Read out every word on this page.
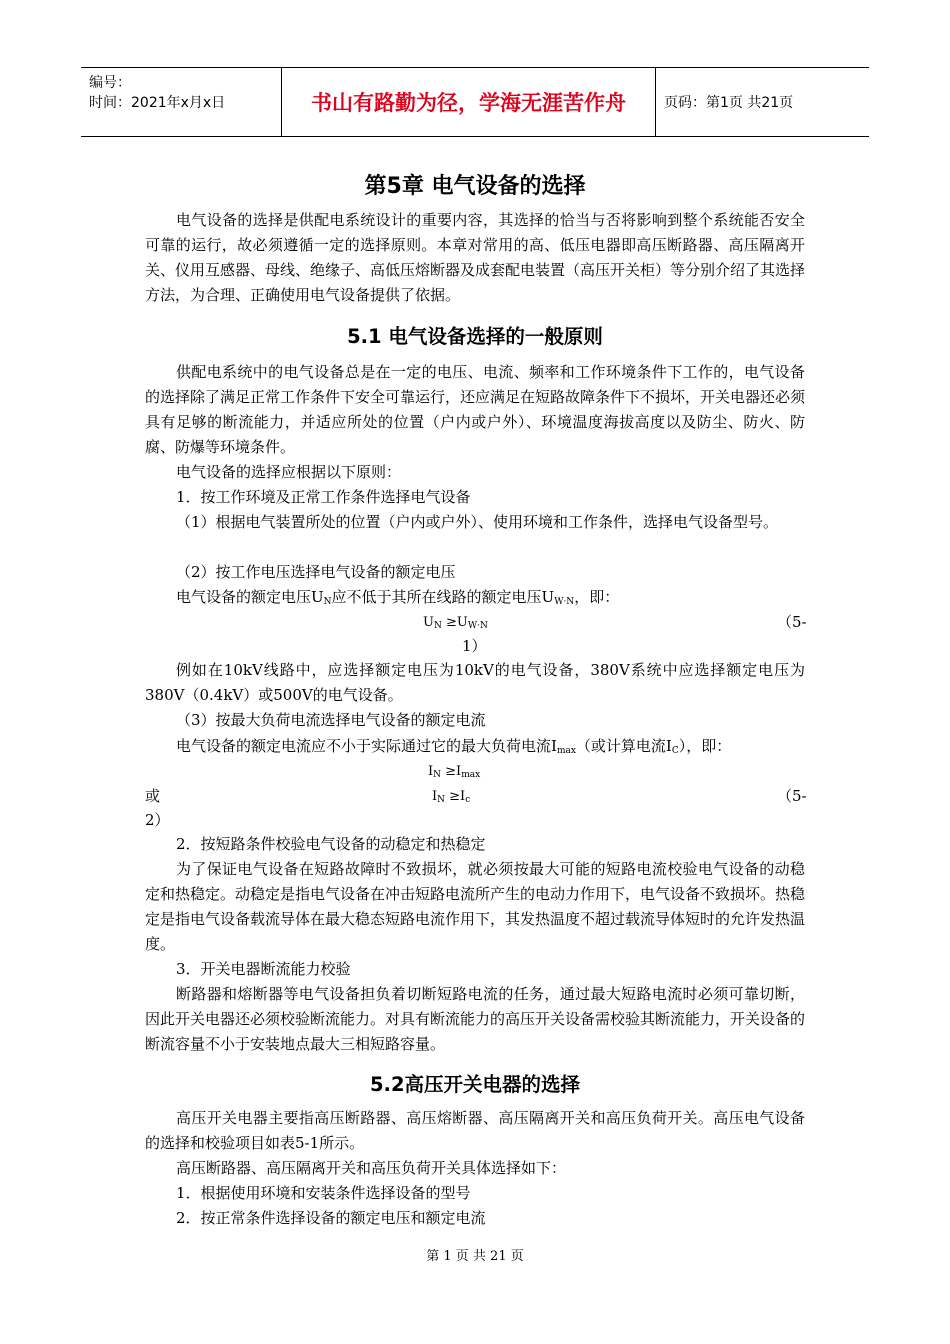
编号：
时间：2021年x月x日	书山有路勤为径，学海无涯苦作舟	页码：第1页 共21页
第5章 电气设备的选择
电气设备的选择是供配电系统设计的重要内容，其选择的恰当与否将影响到整个系统能否安全可靠的运行，故必须遵循一定的选择原则。本章对常用的高、低压电器即高压断路器、高压隔离开关、仪用互感器、母线、绝缘子、高低压熔断器及成套配电装置（高压开关柜）等分别介绍了其选择方法，为合理、正确使用电气设备提供了依据。
5.1 电气设备选择的一般原则
供配电系统中的电气设备总是在一定的电压、电流、频率和工作环境条件下工作的，电气设备的选择除了满足正常工作条件下安全可靠运行，还应满足在短路故障条件下不损坏，开关电器还必须具有足够的断流能力，并适应所处的位置（户内或户外）、环境温度海拔高度以及防尘、防火、防腐、防爆等环境条件。
电气设备的选择应根据以下原则：
1．按工作环境及正常工作条件选择电气设备
（1）根据电气装置所处的位置（户内或户外）、使用环境和工作条件，选择电气设备型号。
（2）按工作电压选择电气设备的额定电压
电气设备的额定电压$U_N$应不低于其所在线路的额定电压$U_{W\cdot N}$，即：
$U_N \ge U_{W\cdot N}$	（5-
1）
例如在10kV线路中，应选择额定电压为10kV的电气设备，380V系统中应选择额定电压为380V（0.4kV）或500V的电气设备。
（3）按最大负荷电流选择电气设备的额定电流
电气设备的额定电流应不小于实际通过它的最大负荷电流$I_{max}$（或计算电流$I_C$），即：
$I_N \ge I_{max}$
或	$I_N \ge I_c$	（5-
2）
2．按短路条件校验电气设备的动稳定和热稳定
为了保证电气设备在短路故障时不致损坏，就必须按最大可能的短路电流校验电气设备的动稳定和热稳定。动稳定是指电气设备在冲击短路电流所产生的电动力作用下，电气设备不致损坏。热稳定是指电气设备载流导体在最大稳态短路电流作用下，其发热温度不超过载流导体短时的允许发热温度。
3．开关电器断流能力校验
断路器和熔断器等电气设备担负着切断短路电流的任务，通过最大短路电流时必须可靠切断，因此开关电器还必须校验断流能力。对具有断流能力的高压开关设备需校验其断流能力，开关设备的断流容量不小于安装地点最大三相短路容量。
5.2高压开关电器的选择
高压开关电器主要指高压断路器、高压熔断器、高压隔离开关和高压负荷开关。高压电气设备的选择和校验项目如表5-1所示。
高压断路器、高压隔离开关和高压负荷开关具体选择如下：
1．根据使用环境和安装条件选择设备的型号
2．按正常条件选择设备的额定电压和额定电流
第 1 页 共 21 页
